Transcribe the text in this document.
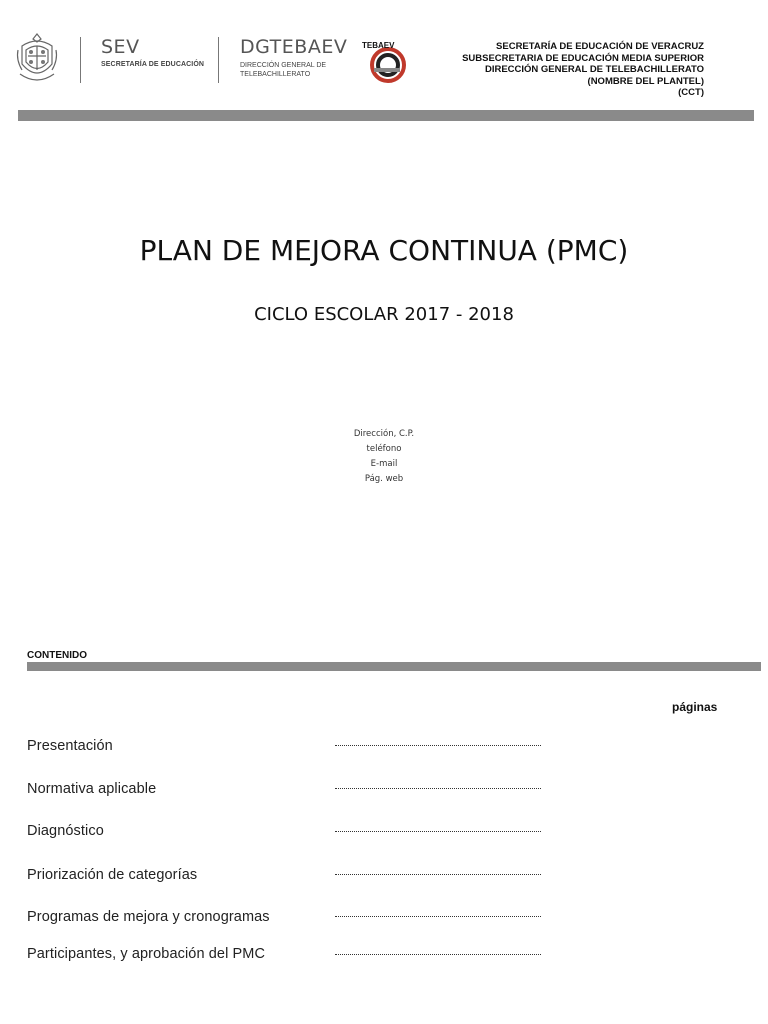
SEV
SECRETARÍA DE EDUCACIÓN
DGTEBAEV
DIRECCIÓN GENERAL DE TELEBACHILLERATO
TEBAEV	SECRETARÍA DE EDUCACIÓN DE VERACRUZ
SUBSECRETARIA DE EDUCACIÓN MEDIA SUPERIOR
DIRECCIÓN GENERAL DE TELEBACHILLERATO
(NOMBRE DEL PLANTEL)
(CCT)
PLAN DE MEJORA CONTINUA (PMC)
CICLO ESCOLAR 2017 - 2018
Dirección, C.P.
teléfono
E-mail
Pág. web
CONTENIDO
páginas
Presentación
Normativa aplicable
Diagnóstico
Priorización de categorías
Programas de mejora y cronogramas
Participantes, y aprobación del PMC
